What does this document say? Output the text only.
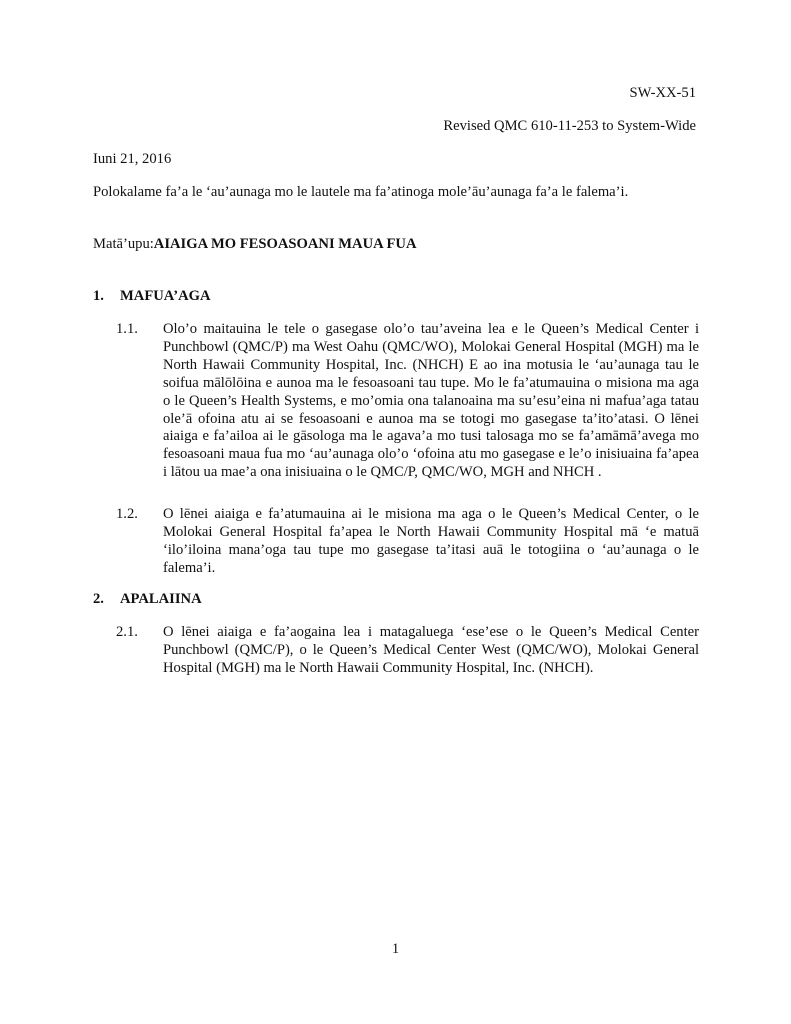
SW-XX-51
Revised QMC 610-11-253 to System-Wide
Iuni 21, 2016
Polokalame fa’a le ‘au’aunaga mo le lautele ma fa’atinoga mole’āu’aunaga fa’a le falema’i.
Matā’upu:AIAIGA MO FESOASOANI MAUA FUA
1. MAFUA’AGA
1.1. Olo’o maitauina le tele o gasegase olo’o tau’aveina lea e le Queen’s Medical Center i Punchbowl (QMC/P) ma West Oahu (QMC/WO), Molokai General Hospital (MGH) ma le North Hawaii Community Hospital, Inc. (NHCH) E ao ina motusia le ‘au’aunaga tau le soifua mālōlōina e aunoa ma le fesoasoani tau tupe. Mo le fa’atumauina o misiona ma aga o le Queen’s Health Systems, e mo’omia ona talanoaina ma su’esu’eina ni mafua’aga tatau ole’ā ofoina atu ai se fesoasoani e aunoa ma se totogi mo gasegase ta’ito’atasi. O lēnei aiaiga e fa’ailoa ai le gāsologa ma le agava’a mo tusi talosaga mo se fa’amāmā’avega mo fesoasoani maua fua mo ‘au’aunaga olo’o ‘ofoina atu mo gasegase e le’o inisiuaina fa’apea i lātou ua mae’a ona inisiuaina o le QMC/P, QMC/WO, MGH and NHCH .
1.2. O lēnei aiaiga e fa’atumauina ai le misiona ma aga o le Queen’s Medical Center, o le Molokai General Hospital fa’apea le North Hawaii Community Hospital mā ‘e matuā ‘ilo’iloina mana’oga tau tupe mo gasegase ta’itasi auā le totogiina o ‘au’aunaga o le falema’i.
2. APALAIINA
2.1. O lēnei aiaiga e fa’aogaina lea i matagaluega ‘ese’ese o le Queen’s Medical Center Punchbowl (QMC/P), o le Queen’s Medical Center West (QMC/WO), Molokai General Hospital (MGH) ma le North Hawaii Community Hospital, Inc. (NHCH).
1
